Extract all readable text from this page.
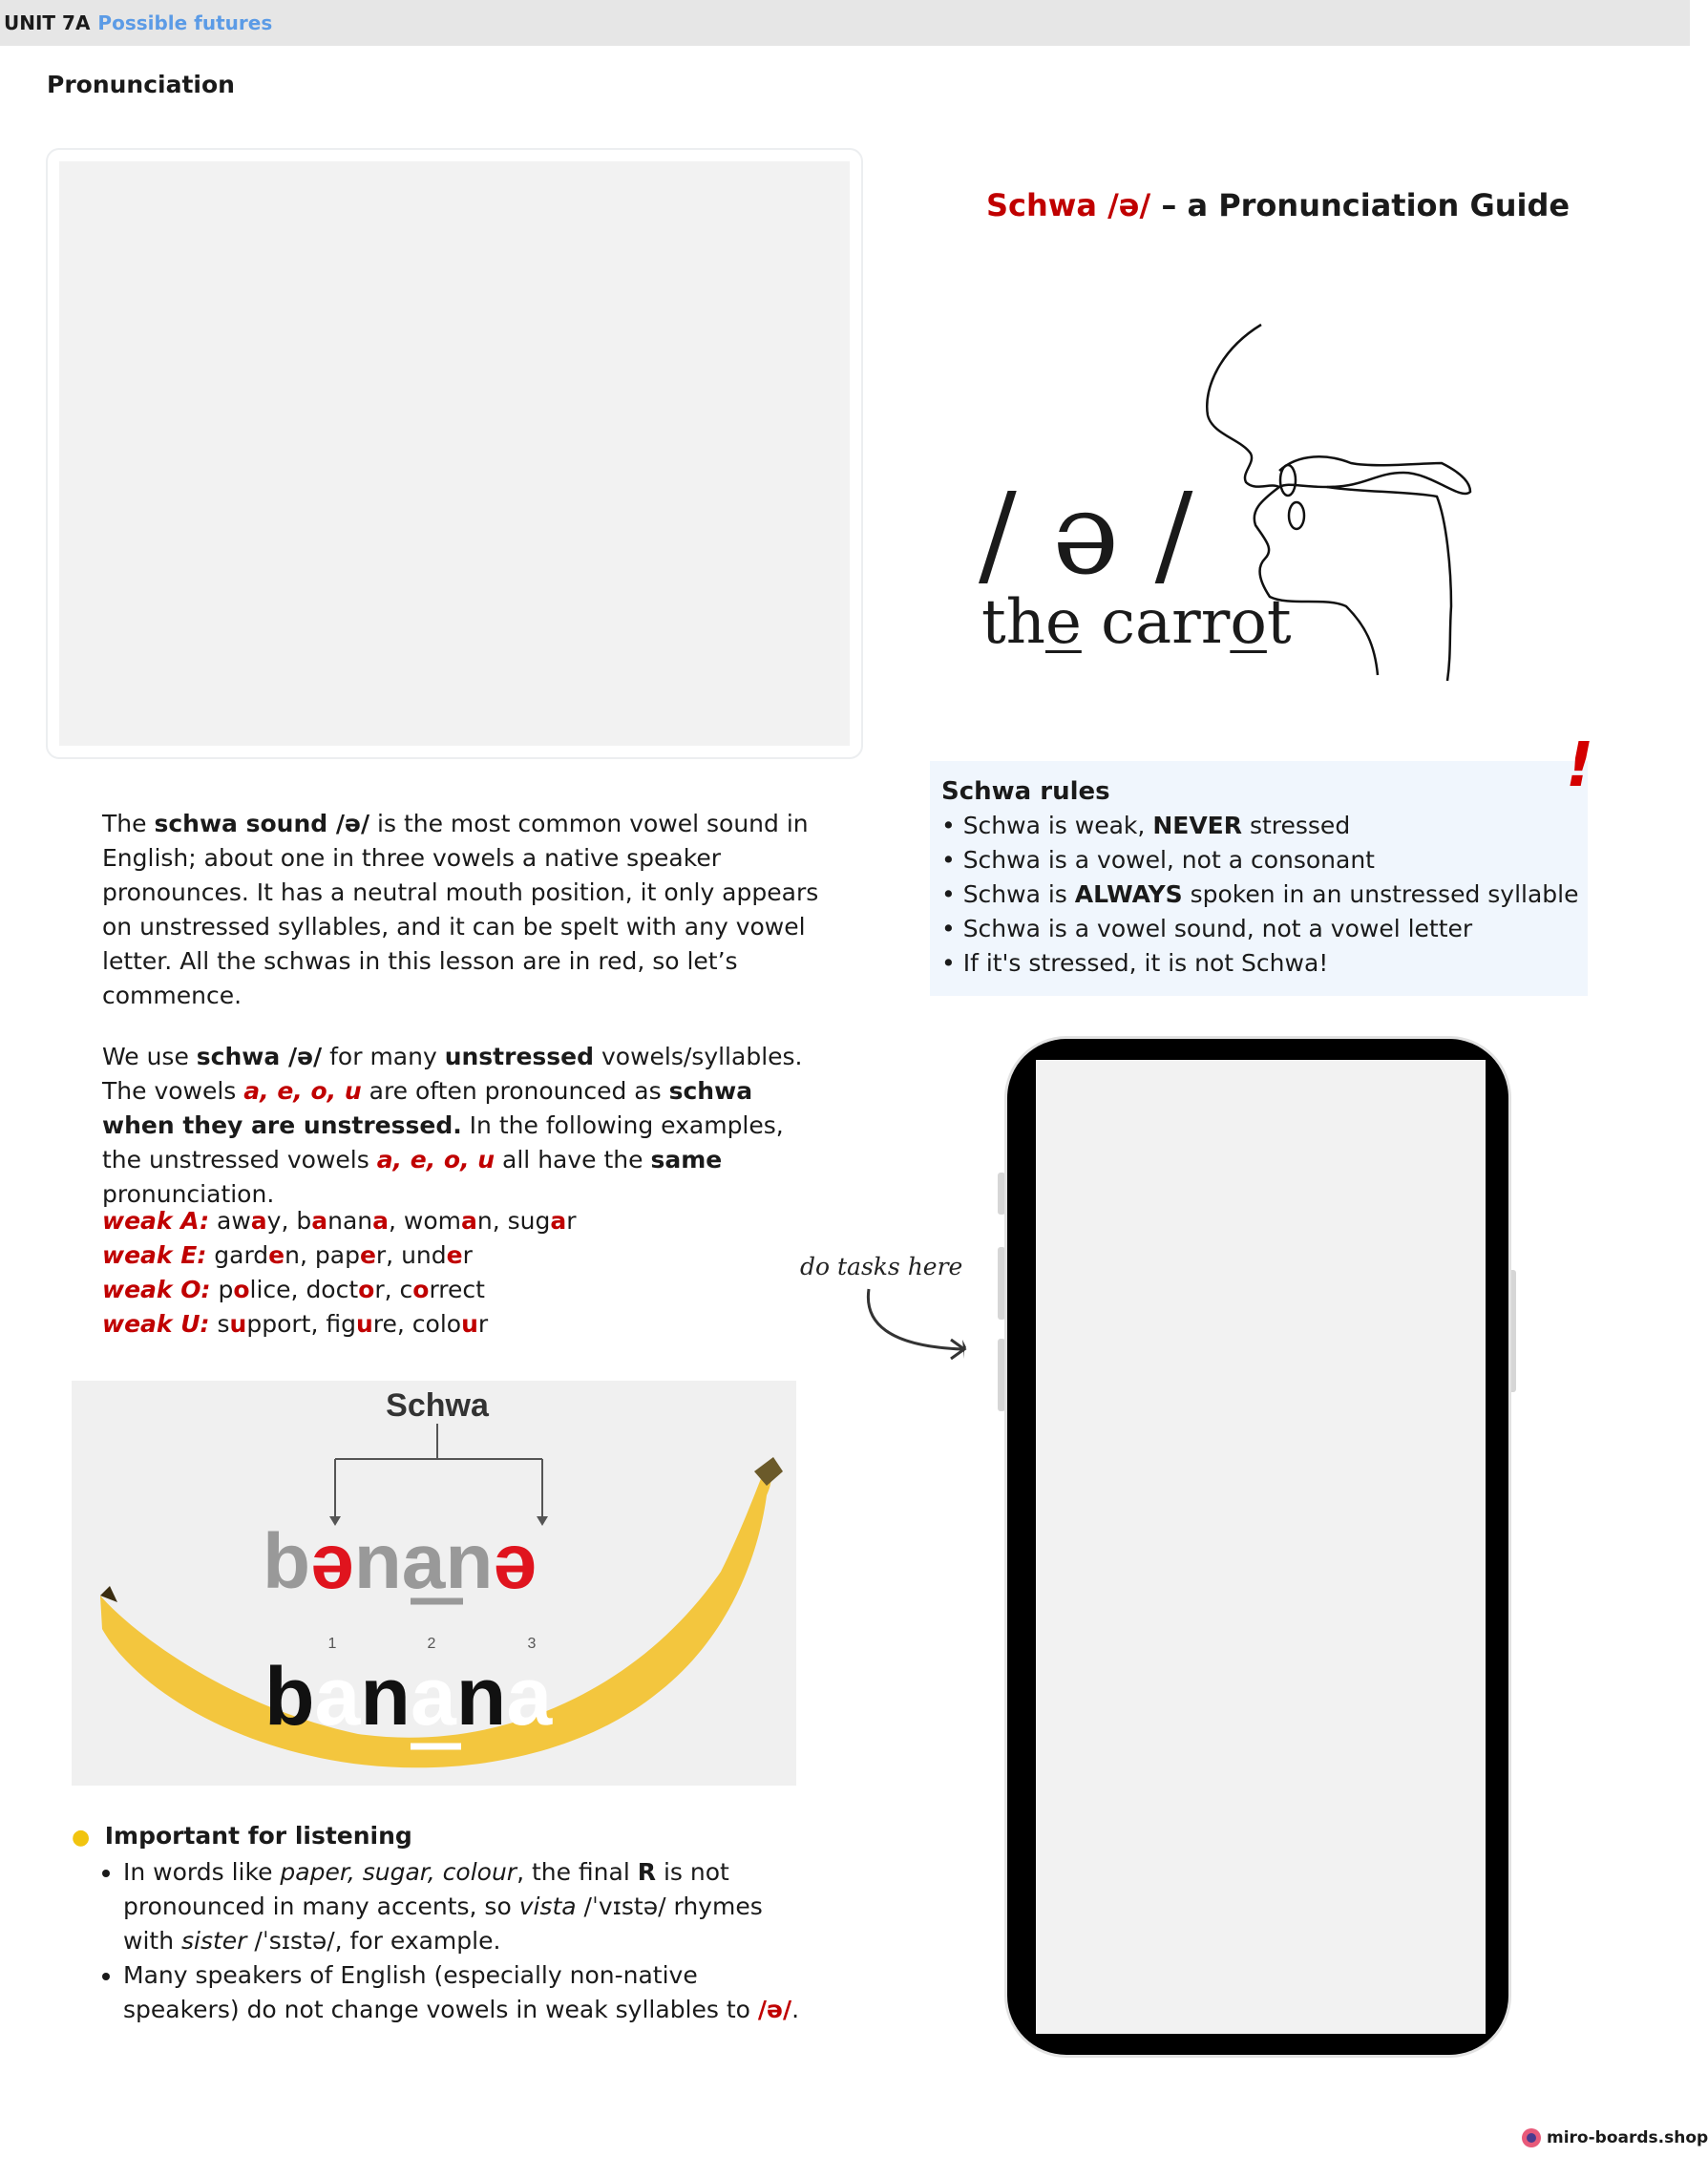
UNIT 7A Possible futures
Pronunciation
Schwa /ə/ – a Pronunciation Guide
/ ə /
the carrot
The schwa sound /ə/ is the most common vowel sound in English; about one in three vowels a native speaker pronounces. It has a neutral mouth position, it only appears on unstressed syllables, and it can be spelt with any vowel letter. All the schwas in this lesson are in red, so let’s commence.
We use schwa /ə/ for many unstressed vowels/syllables. The vowels a, e, o, u are often pronounced as schwa when they are unstressed. In the following examples, the unstressed vowels a, e, o, u all have the same pronunciation.
weak A: away, banana, woman, sugar
weak E: garden, paper, under
weak O: police, doctor, correct
weak U: support, figure, colour
Schwa rules
• Schwa is weak, NEVER stressed
• Schwa is a vowel, not a consonant
• Schwa is ALWAYS spoken in an unstressed syllable
• Schwa is a vowel sound, not a vowel letter
• If it's stressed, it is not Schwa!
!
Schwa
bənanə
1	2	3
banana
● Important for listening
• In words like paper, sugar, colour, the final R is not pronounced in many accents, so vista /ˈvɪstə/ rhymes with sister /ˈsɪstə/, for example.
• Many speakers of English (especially non-native speakers) do not change vowels in weak syllables to /ə/.
do tasks here
miro-boards.shop
